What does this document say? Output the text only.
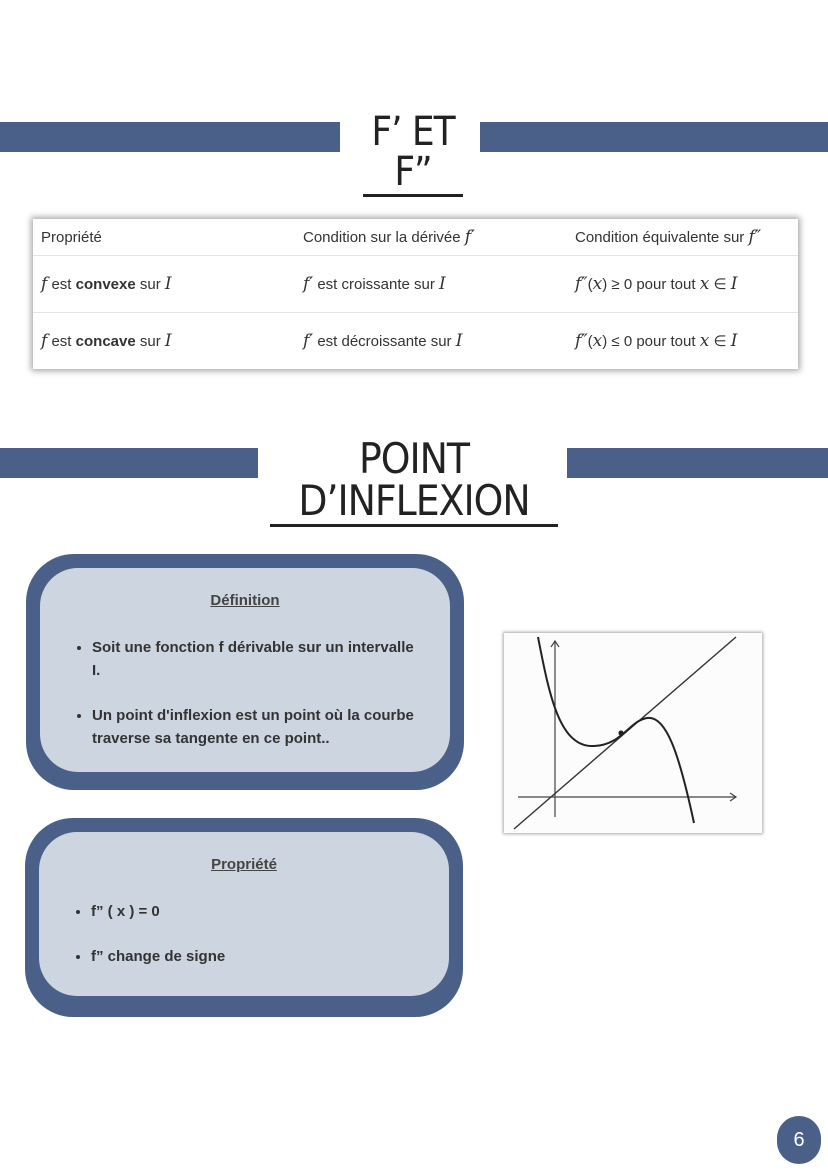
F’ ET F”
Propriété	Condition sur la dérivée f′	Condition équivalente sur f″
f est convexe sur I	f′ est croissante sur I	f″(x) ≥ 0 pour tout x ∈ I
f est concave sur I	f′ est décroissante sur I	f″(x) ≤ 0 pour tout x ∈ I
POINT D’INFLEXION
Définition
• Soit une fonction f dérivable sur un intervalle I.
• Un point d'inflexion est un point où la courbe traverse sa tangente en ce point..
Propriété
• f” ( x ) = 0
• f” change de signe
6
